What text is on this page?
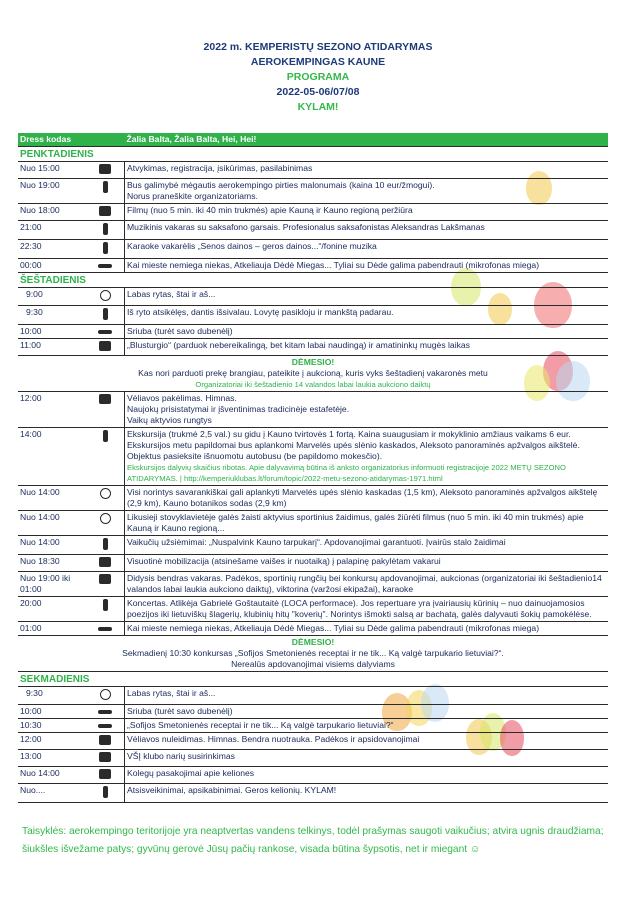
2022 m. KEMPERISTŲ SEZONO ATIDARYMAS
AEROKEMPINGAS KAUNE
PROGRAMA
2022-05-06/07/08
KYLAM!
Dress kodas		Žalia Balta, Žalia Balta, Hei, Hei!
PENKTADIENIS		
Nuo 15:00		Atvykimas, registracija, įsikūrimas, pasilabinimas
Nuo 19:00		Bus galimybė mėgautis aerokempingo pirties malonumais (kaina 10 eur/žmogui).
Norus praneškite organizatoriams.

Nuo 18:00		Filmų (nuo 5 min. iki 40 min trukmės) apie Kauną ir Kauno regioną peržiūra
21:00		Muzikinis vakaras su saksafono garsais. Profesionalus saksafonistas Aleksandras Lakšmanas
22:30		Karaoke vakarėlis „Senos dainos – geros dainos...“/fonine muzika
00:00		Kai mieste nemiega niekas, Atkeliauja Dėdė Miegas... Tyliai su Dėde galima pabendrauti (mikrofonas miega)
ŠEŠTADIENIS		
9:00		Labas rytas, štai ir aš...
9:30		Iš ryto atsikėlęs, dantis išsivalau. Lovytę pasikloju ir mankštą padarau.
10:00		Sriuba (turėt savo dubenėlį)
11:00		„Blusturgio“ (parduok nebereikalingą, bet kitam labai naudingą) ir amatininkų mugės laikas

DĖMESIO!
Kas nori parduoti prekę brangiau, pateikite į aukcioną, kuris vyks šeštadienį vakaronės metu
Organizatoriai iki šeštadienio 14 valandos labai laukia aukciono daiktų		

12:00		Vėliavos pakėlimas. Himnas.
Naujokų prisistatymai ir įšventinimas tradicinėje estafetėje.
Vaikų aktyvios rungtys

14:00		Ekskursija (trukmė 2,5 val.) su gidu į Kauno tvirtovės 1 fortą. Kaina suaugusiam ir mokyklinio amžiaus vaikams 6 eur. Ekskursijos metu papildomai bus aplankomi Marvelės upės slėnio kaskados, Aleksoto panoraminės apžvalgos aikštelė. Objektus pasieksite išnuomotu autobusu (be papildomo mokesčio).
Ekskursijos dalyvių skaičius ribotas. Apie dalyvavimą būtina iš anksto organizatorius informuoti registracijoje 2022 METŲ SEZONO ATIDARYMAS. | http://kemperiuklubas.lt/forum/topic/2022-metu-sezono-atidarymas-1971.html

Nuo 14:00		Visi norintys savarankiškai gali aplankyti Marvelės upės slėnio kaskadas (1,5 km), Aleksoto panoraminės apžvalgos aikštelę (2,9 km), Kauno botanikos sodas (2,9 km)
Nuo 14:00		Likusieji stovyklavietėje galės žaisti aktyvius sportinius žaidimus, galės žiūrėti filmus (nuo 5 min. iki 40 min trukmės) apie Kauną ir Kauno regioną...
Nuo 14:00		Vaikučių užsiėmimai: „Nuspalvink Kauno tarpukarį“. Apdovanojimai garantuoti. Įvairūs stalo žaidimai
Nuo 18:30		Visuotinė mobilizacija (atsinešame vaišes ir nuotaiką) į palapinę pakylėtam vakarui
Nuo 19:00 iki 01:00		Didysis bendras vakaras. Padėkos, sportinių rungčių bei konkursų apdovanojimai, aukcionas (organizatoriai iki šeštadienio14 valandos labai laukia aukciono daiktų), viktorina (varžosi ekipažai), karaoke
20:00		Koncertas. Atlikėja Gabrielė Goštautaitė (LOCA performace). Jos repertuare yra įvairiausių kūrinių – nuo dainuojamosios poezijos iki lietuviškų šlagerių, klubinių hitų "koverių". Norintys išmokti salsą ar bachatą, galės dalyvauti šokių pamokėlėse.
01:00		Kai mieste nemiega niekas, Atkeliauja Dėdė Miegas... Tyliai su Dėde galima pabendrauti (mikrofonas miega)

DĖMESIO!
Sekmadienį 10:30 konkursas „Sofijos Smetonienės receptai ir ne tik... Ką valgė tarpukario lietuviai?“.
Nerealūs apdovanojimai visiems dalyviams		

SEKMADIENIS		
9:30		Labas rytas, štai ir aš...
10:00		Sriuba (turėt savo dubenėlį)
10:30		„Sofijos Smetonienės receptai ir ne tik... Ką valgė tarpukario lietuviai?“
12:00		Vėliavos nuleidimas. Himnas. Bendra nuotrauka. Padėkos ir apsidovanojimai
13:00		VŠĮ klubo narių susirinkimas
Nuo 14:00		Kolegų pasakojimai apie keliones
Nuo....		Atsisveikinimai, apsikabinimai. Geros kelionių. KYLAM!
Taisyklės: aerokempingo teritorijoje yra neaptvertas vandens telkinys, todėl prašymas saugoti vaikučius; atvira ugnis draudžiama; šiukšles išvežame patys; gyvūnų gerovė Jūsų pačių rankose, visada būtina šypsotis, net ir miegant ☺
